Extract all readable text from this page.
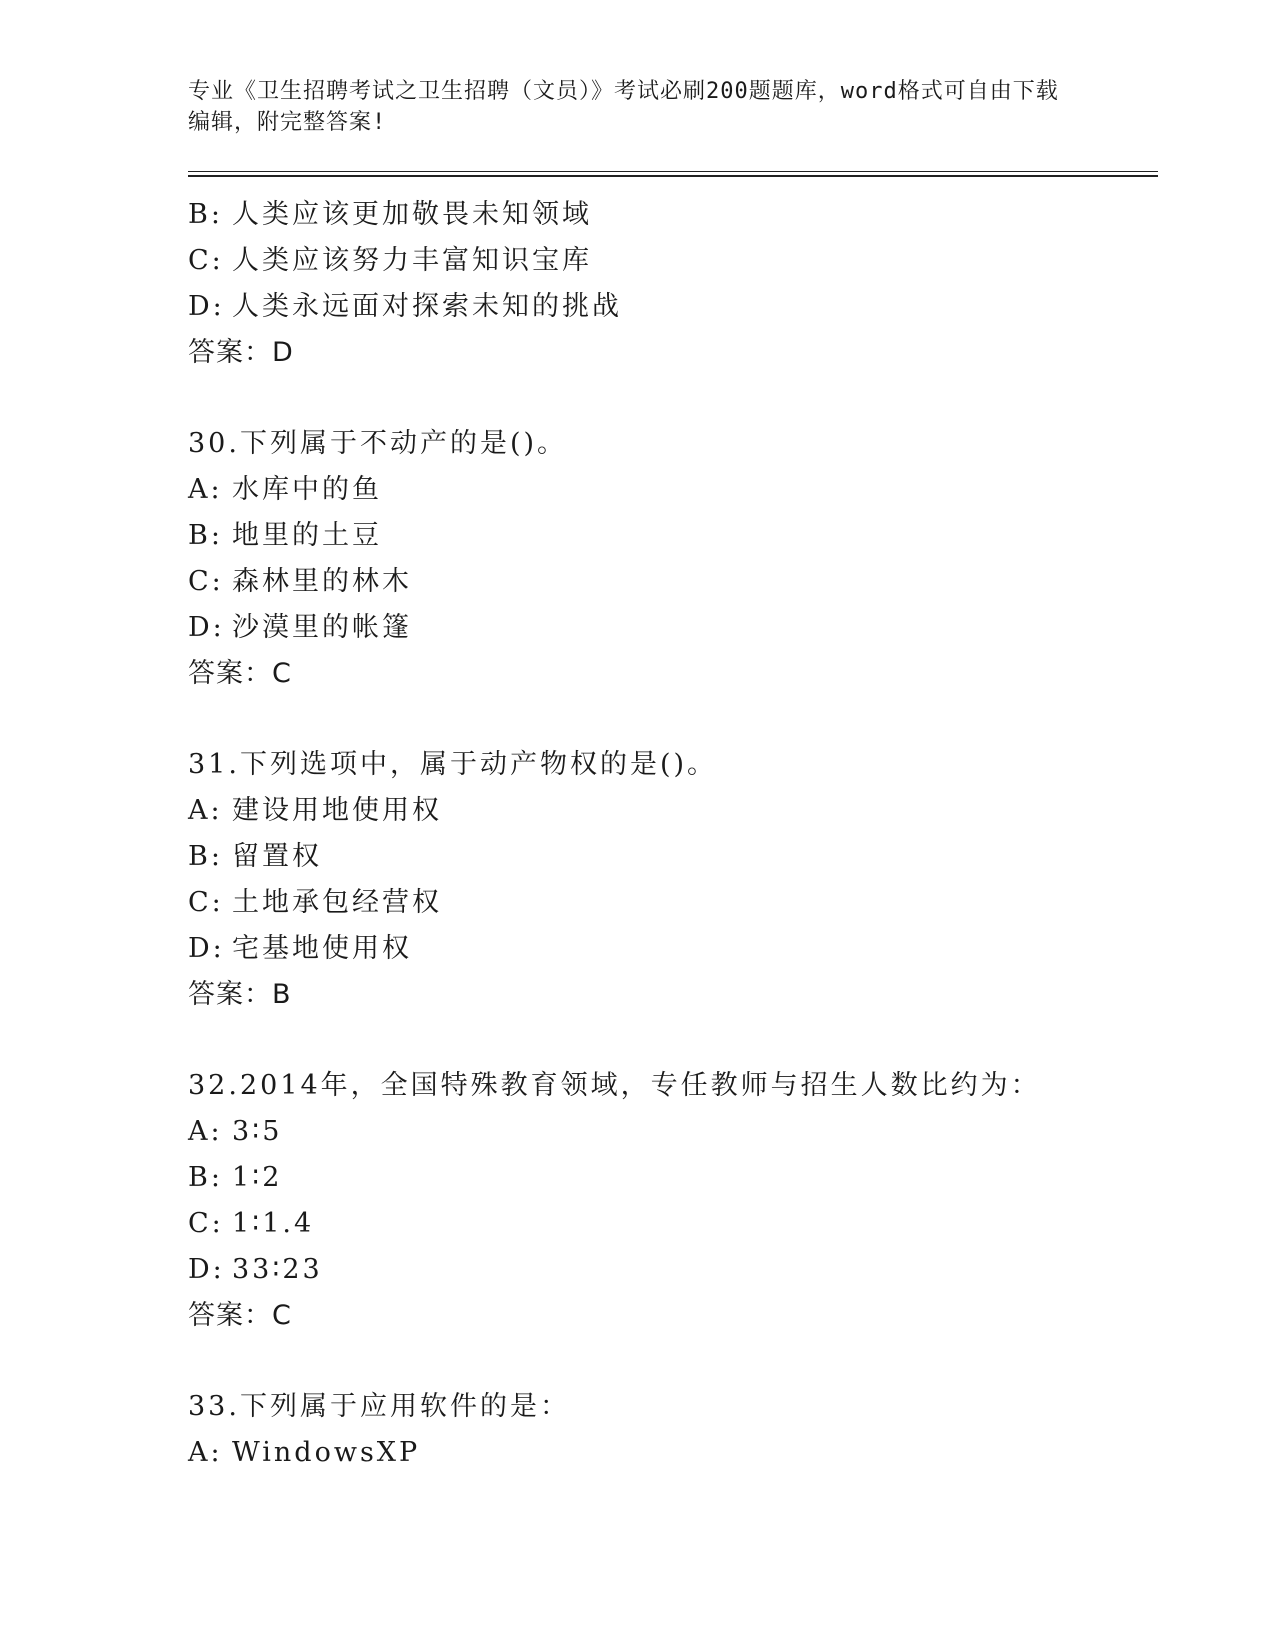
专业《卫生招聘考试之卫生招聘（文员）》考试必刷200题题库，word格式可自由下载编辑，附完整答案!
B: 人类应该更加敬畏未知领域
C: 人类应该努力丰富知识宝库
D: 人类永远面对探索未知的挑战
答案：D
30.下列属于不动产的是()。
A: 水库中的鱼
B: 地里的土豆
C: 森林里的林木
D: 沙漠里的帐篷
答案：C
31.下列选项中，属于动产物权的是()。
A: 建设用地使用权
B: 留置权
C: 土地承包经营权
D: 宅基地使用权
答案：B
32.2014年，全国特殊教育领域，专任教师与招生人数比约为：
A: 3∶5
B: 1∶2
C: 1∶1.4
D: 33∶23
答案：C
33.下列属于应用软件的是：
A: WindowsXP
